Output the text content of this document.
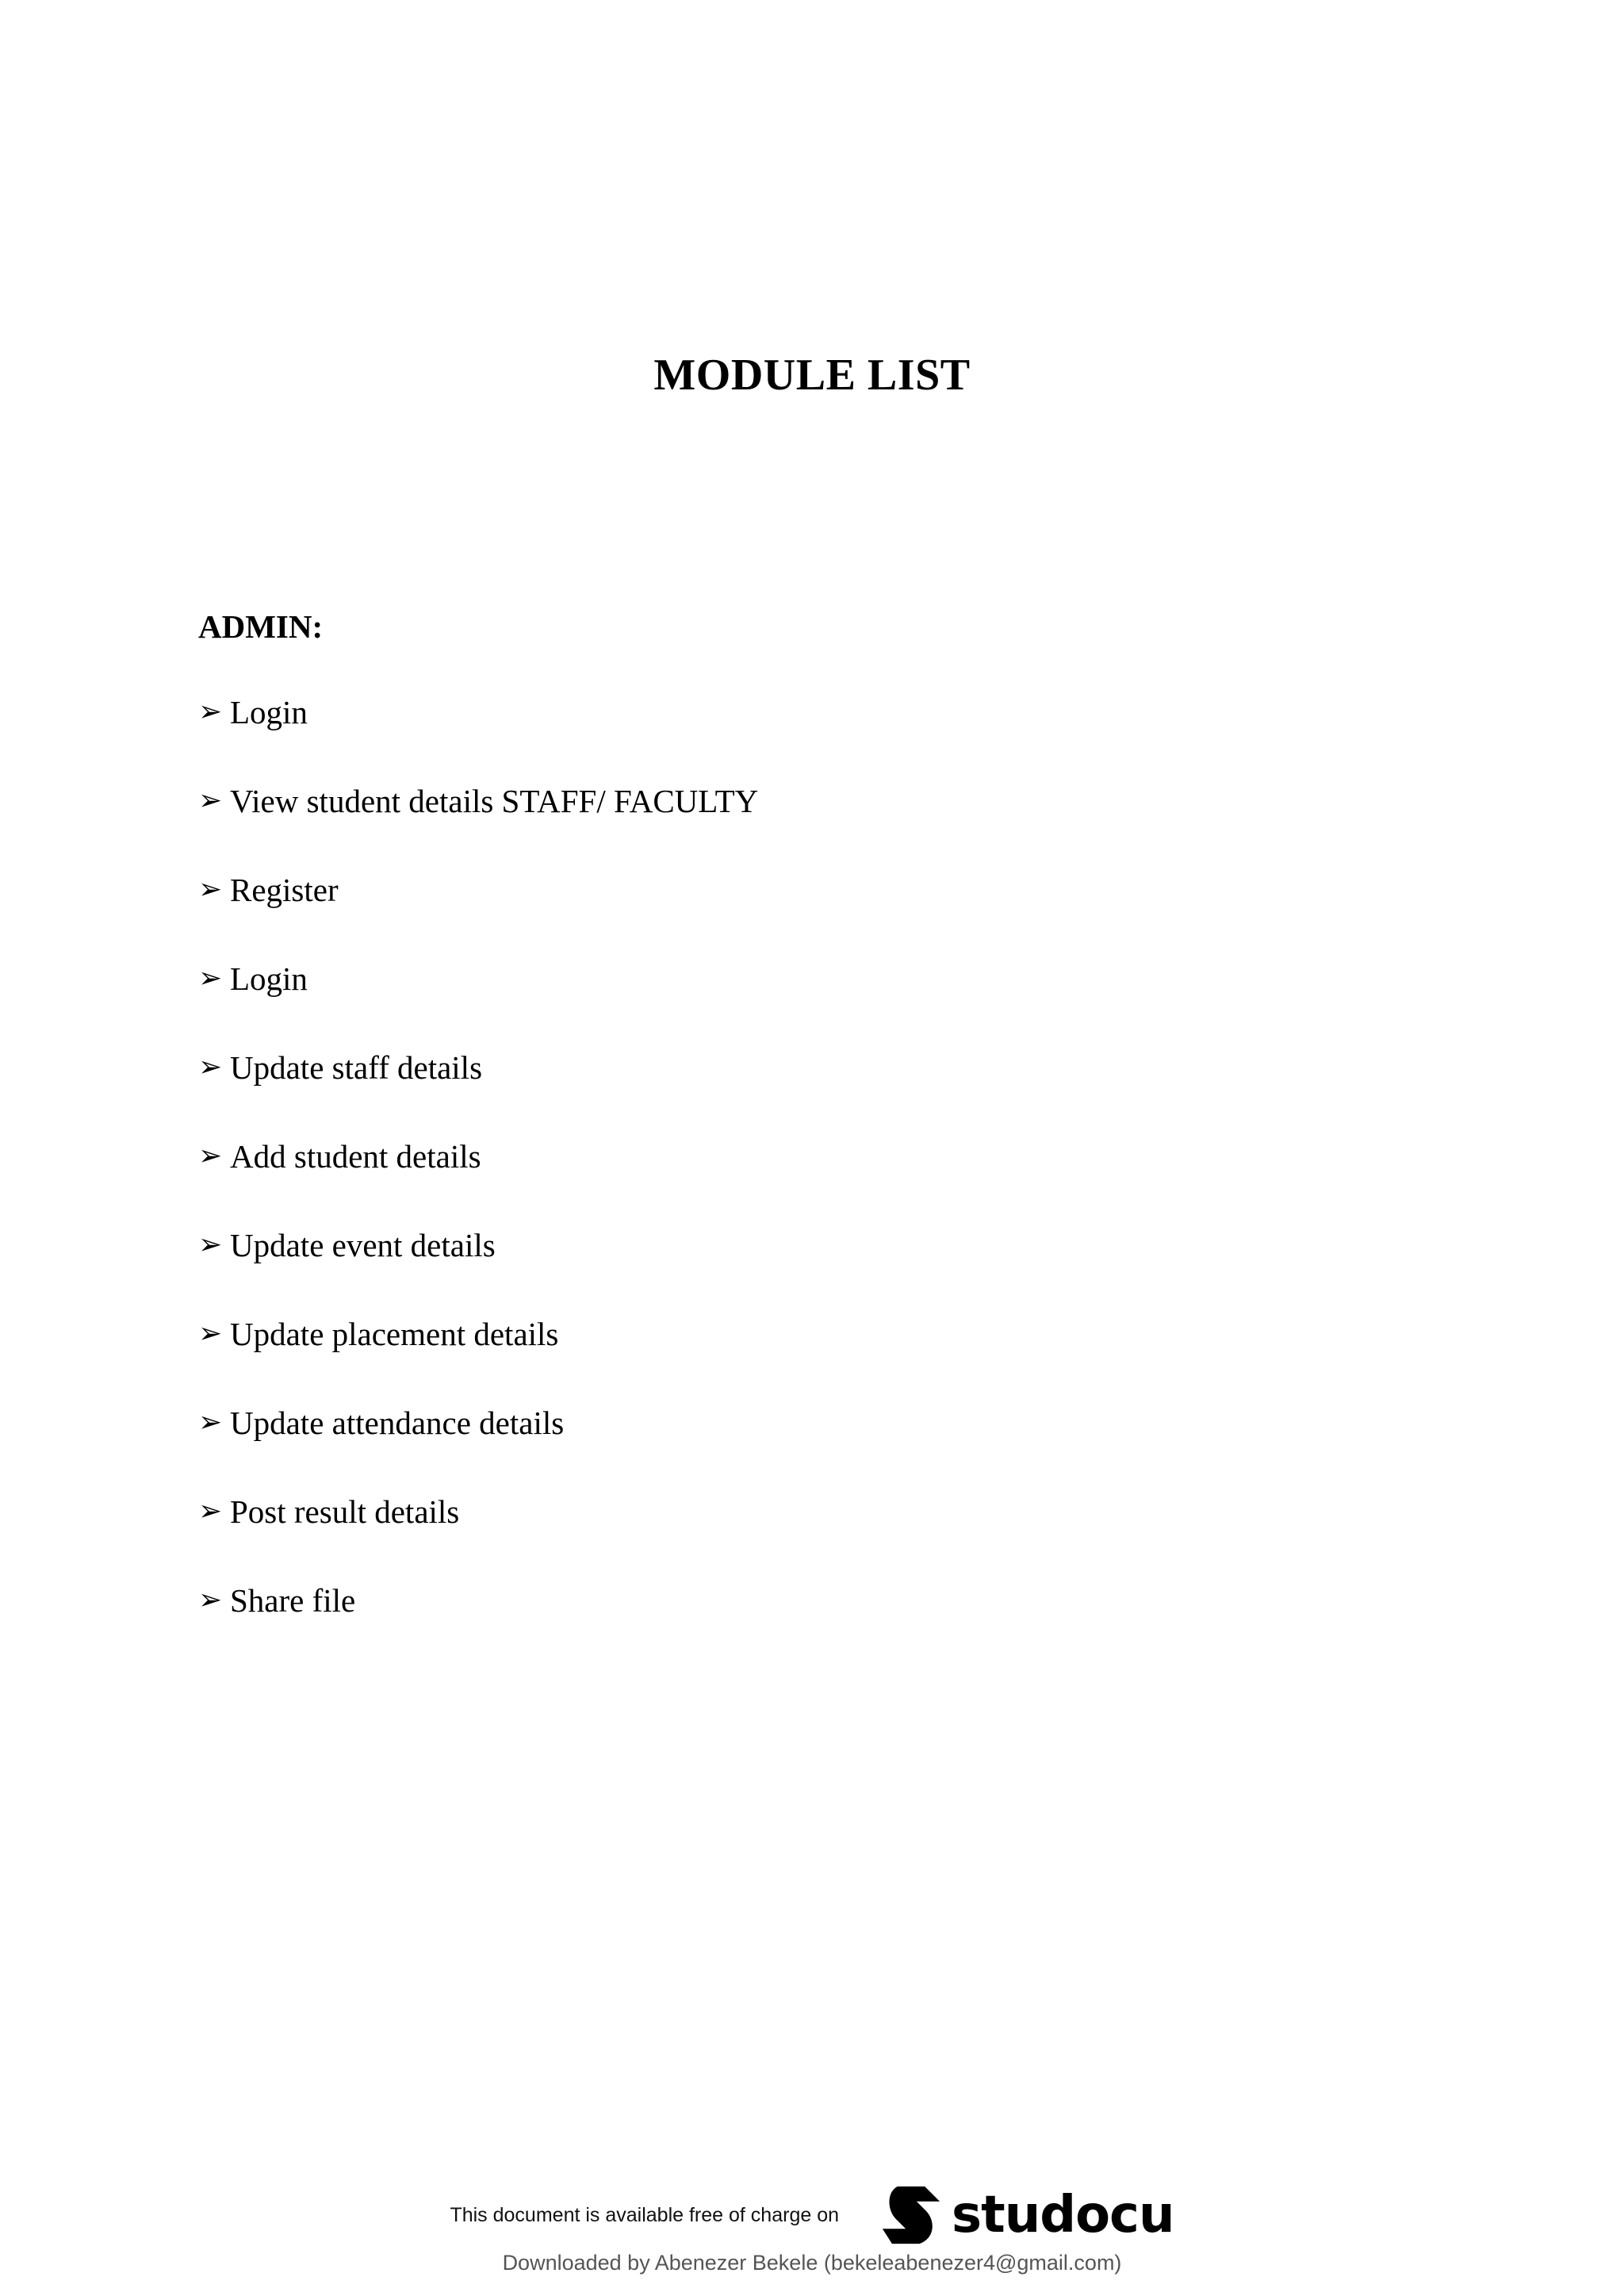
MODULE LIST
ADMIN:
➢ Login
➢ View student details STAFF/ FACULTY
➢ Register
➢ Login
➢ Update staff details
➢ Add student details
➢ Update event details
➢ Update placement details
➢ Update attendance details
➢ Post result details
➢ Share file
This document is available free of charge on studocu
Downloaded by Abenezer Bekele (bekeleabenezer4@gmail.com)
